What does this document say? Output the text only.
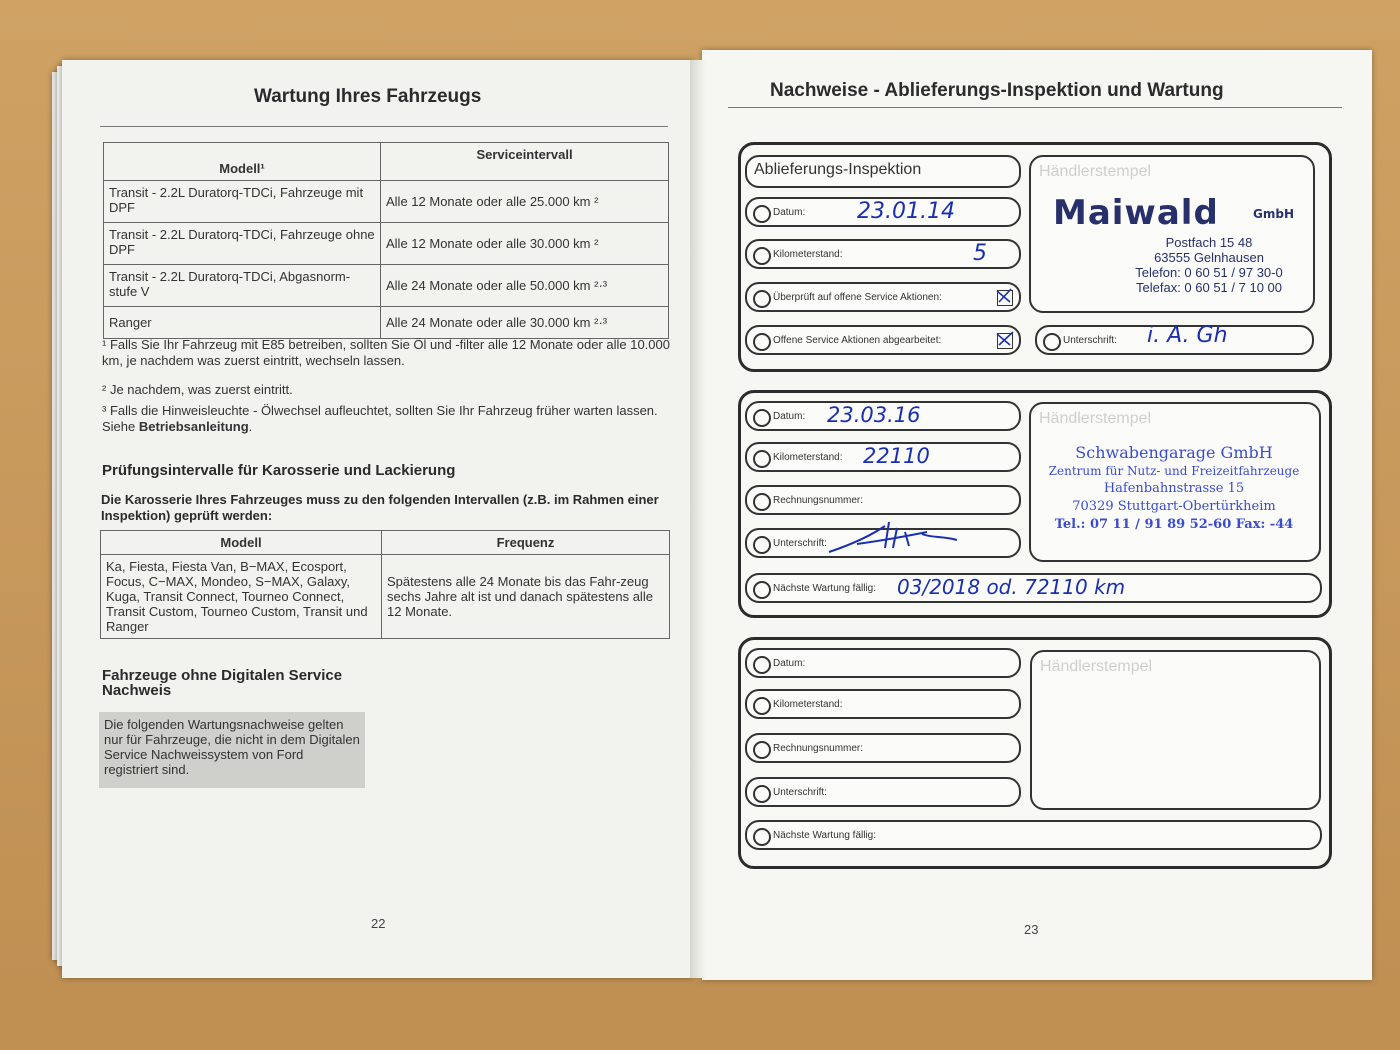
Wartung Ihres Fahrzeugs
Modell¹	Serviceintervall
Transit - 2.2L Duratorq-TDCi, Fahrzeuge mit DPF	Alle 12 Monate oder alle 25.000 km ²
Transit - 2.2L Duratorq-TDCi, Fahrzeuge ohne DPF	Alle 12 Monate oder alle 30.000 km ²
Transit - 2.2L Duratorq-TDCi, Abgasnorm-stufe V	Alle 24 Monate oder alle 50.000 km ²·³
Ranger	Alle 24 Monate oder alle 30.000 km ²·³
¹ Falls Sie Ihr Fahrzeug mit E85 betreiben, sollten Sie Öl und -filter alle 12 Monate oder alle 10.000 km, je nachdem was zuerst eintritt, wechseln lassen.
² Je nachdem, was zuerst eintritt.
³ Falls die Hinweisleuchte - Ölwechsel aufleuchtet, sollten Sie Ihr Fahrzeug früher warten lassen. Siehe Betriebsanleitung.
Prüfungsintervalle für Karosserie und Lackierung
Die Karosserie Ihres Fahrzeuges muss zu den folgenden Intervallen (z.B. im Rahmen einer Inspektion) geprüft werden:
Modell	Frequenz
Ka, Fiesta, Fiesta Van, B−MAX, Ecosport, Focus, C−MAX, Mondeo, S−MAX, Galaxy, Kuga, Transit Connect, Tourneo Connect, Transit Custom, Tourneo Custom, Transit und Ranger	Spätestens alle 24 Monate bis das Fahr-zeug sechs Jahre alt ist und danach spätestens alle 12 Monate.
Fahrzeuge ohne Digitalen Service Nachweis
Die folgenden Wartungsnachweise gelten nur für Fahrzeuge, die nicht in dem Digitalen Service Nachweissystem von Ford registriert sind.
22
Nachweise - Ablieferungs-Inspektion und Wartung
Ablieferungs-Inspektion
Datum: 23.01.14
Kilometerstand:	5
Überprüft auf offene Service Aktionen:
Offene Service Aktionen abgearbeitet:
Händlerstempel
Maiwald	GmbH
Postfach 15 48
63555 Gelnhausen
Telefon: 0 60 51 / 97 30-0
Telefax: 0 60 51 / 7 10 00
Unterschrift: i. A. Gh
Datum: 23.03.16
Kilometerstand: 22110
Rechnungsnummer:
Unterschrift:
Händlerstempel
Schwabengarage GmbH
Zentrum für Nutz- und Freizeitfahrzeuge
Hafenbahnstrasse 15
70329 Stuttgart-Obertürkheim
Tel.: 07 11 / 91 89 52-60 Fax: -44
Nächste Wartung fällig: 03/2018 od. 72110 km
Datum:
Kilometerstand:
Rechnungsnummer:
Unterschrift:
Händlerstempel
Nächste Wartung fällig:
23
